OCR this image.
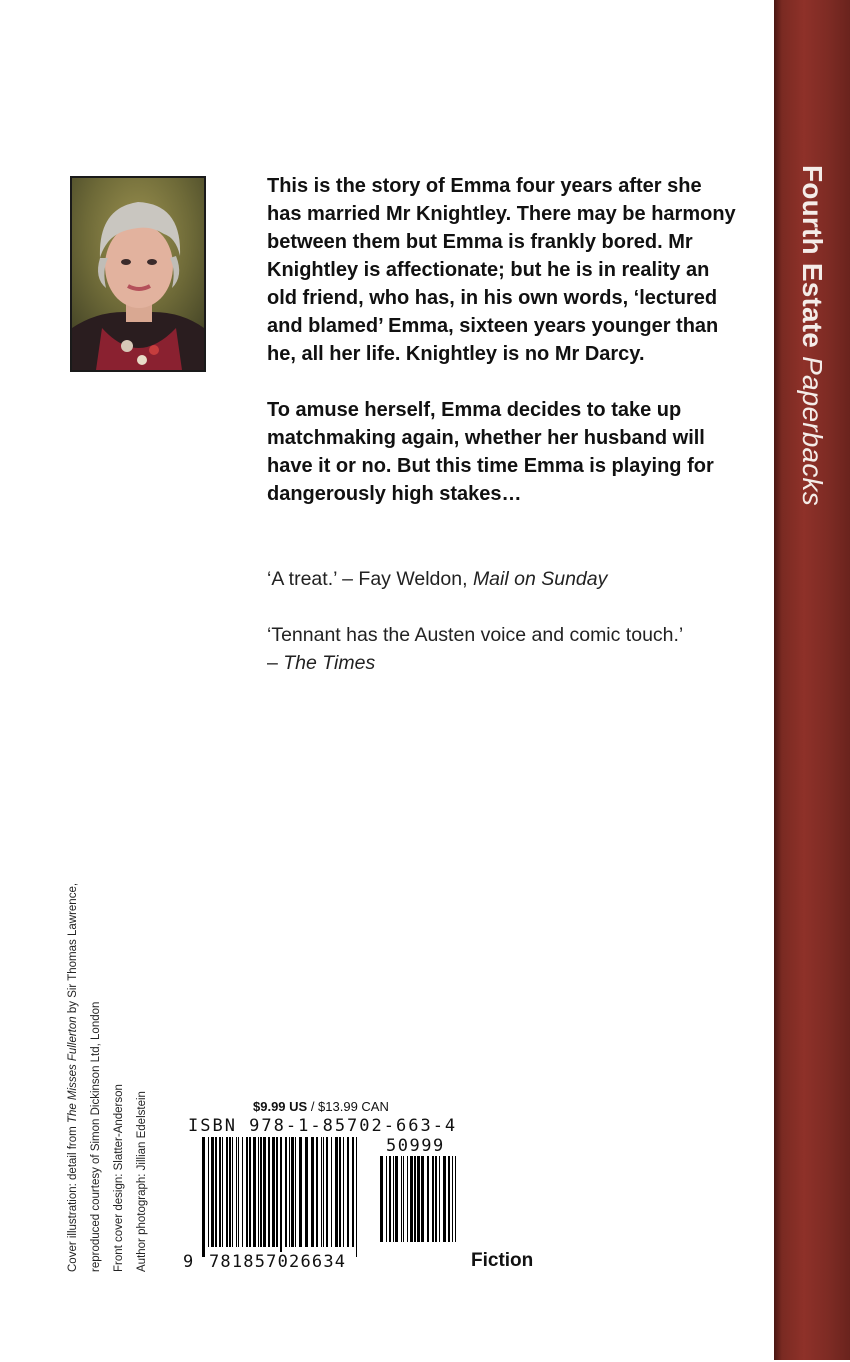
Fourth EstatePaperbacks

This is the story of Emma four years after she has married Mr Knightley. There may be harmony between them but Emma is frankly bored. Mr Knightley is affectionate; but he is in reality an old friend, who has, in his own words, ‘lectured and blamed’ Emma, sixteen years younger than he, all her life. Knightley is no Mr Darcy.

To amuse herself, Emma decides to take up matchmaking again, whether her husband will have it or no. But this time Emma is playing for dangerously high stakes…

‘A treat.’ – Fay Weldon, Mail on Sunday
‘Tennant has the Austen voice and comic touch.’
– The Times
Cover illustration: detail from The Misses Fullerton by Sir Thomas Lawrence,
reproduced courtesy of Simon Dickinson Ltd, London Front cover design: Slatter-Anderson Author photograph: Jillian Edelstein	$9.99 US / $13.99 CAN
ISBN 978-1-85702-663-4
50999
9 781857026634	Fiction
